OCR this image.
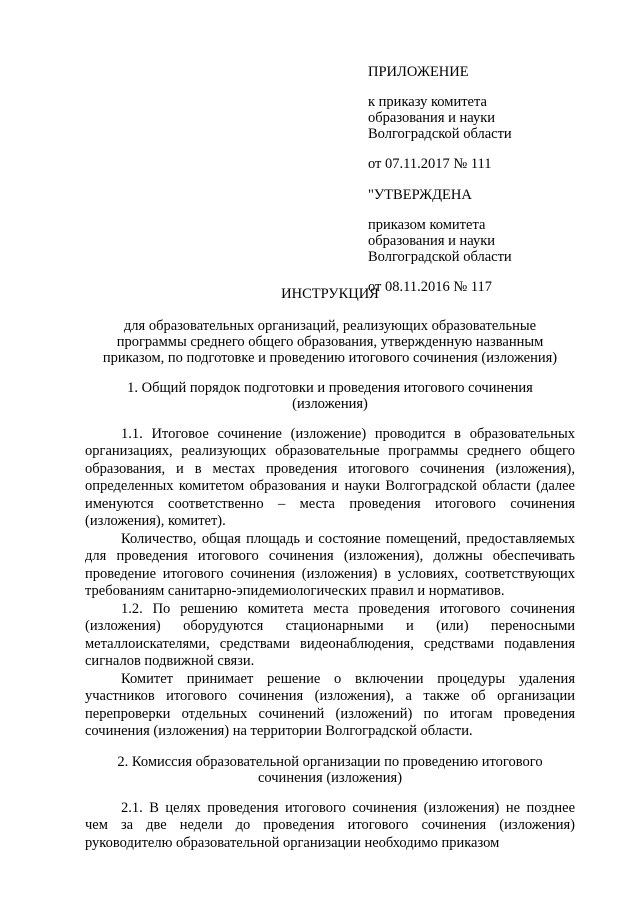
ПРИЛОЖЕНИЕ

к приказу комитета

образования и науки

Волгоградской области

от 07.11.2017 № 111

"УТВЕРЖДЕНА

приказом комитета

образования и науки

Волгоградской области

от 08.11.2016 № 117

ИНСТРУКЦИЯ
для образовательных организаций, реализующих образовательные
программы среднего общего образования, утвержденную названным
приказом, по подготовке и проведению итогового сочинения (изложения)
1. Общий порядок подготовки и проведения итогового сочинения
(изложения)

1.1. Итоговое сочинение (изложение) проводится в образовательных организациях, реализующих образовательные программы среднего общего образования, и в местах проведения итогового сочинения (изложения), определенных комитетом образования и науки Волгоградской области (далее именуются соответственно – места проведения итогового сочинения (изложения), комитет).

Количество, общая площадь и состояние помещений, предоставляемых для проведения итогового сочинения (изложения), должны обеспечивать проведение итогового сочинения (изложения) в условиях, соответствующих требованиям санитарно-эпидемиологических правил и нормативов.

1.2. По решению комитета места проведения итогового сочинения (изложения) оборудуются стационарными и (или) переносными металлоискателями, средствами видеонаблюдения, средствами подавления сигналов подвижной связи.

Комитет принимает решение о включении процедуры удаления участников итогового сочинения (изложения), а также об организации перепроверки отдельных сочинений (изложений) по итогам проведения сочинения (изложения) на территории Волгоградской области.

2. Комиссия образовательной организации по проведению итогового
сочинения (изложения)

2.1. В целях проведения итогового сочинения (изложения) не позднее чем за две недели до проведения итогового сочинения (изложения) руководителю образовательной организации необходимо приказом
